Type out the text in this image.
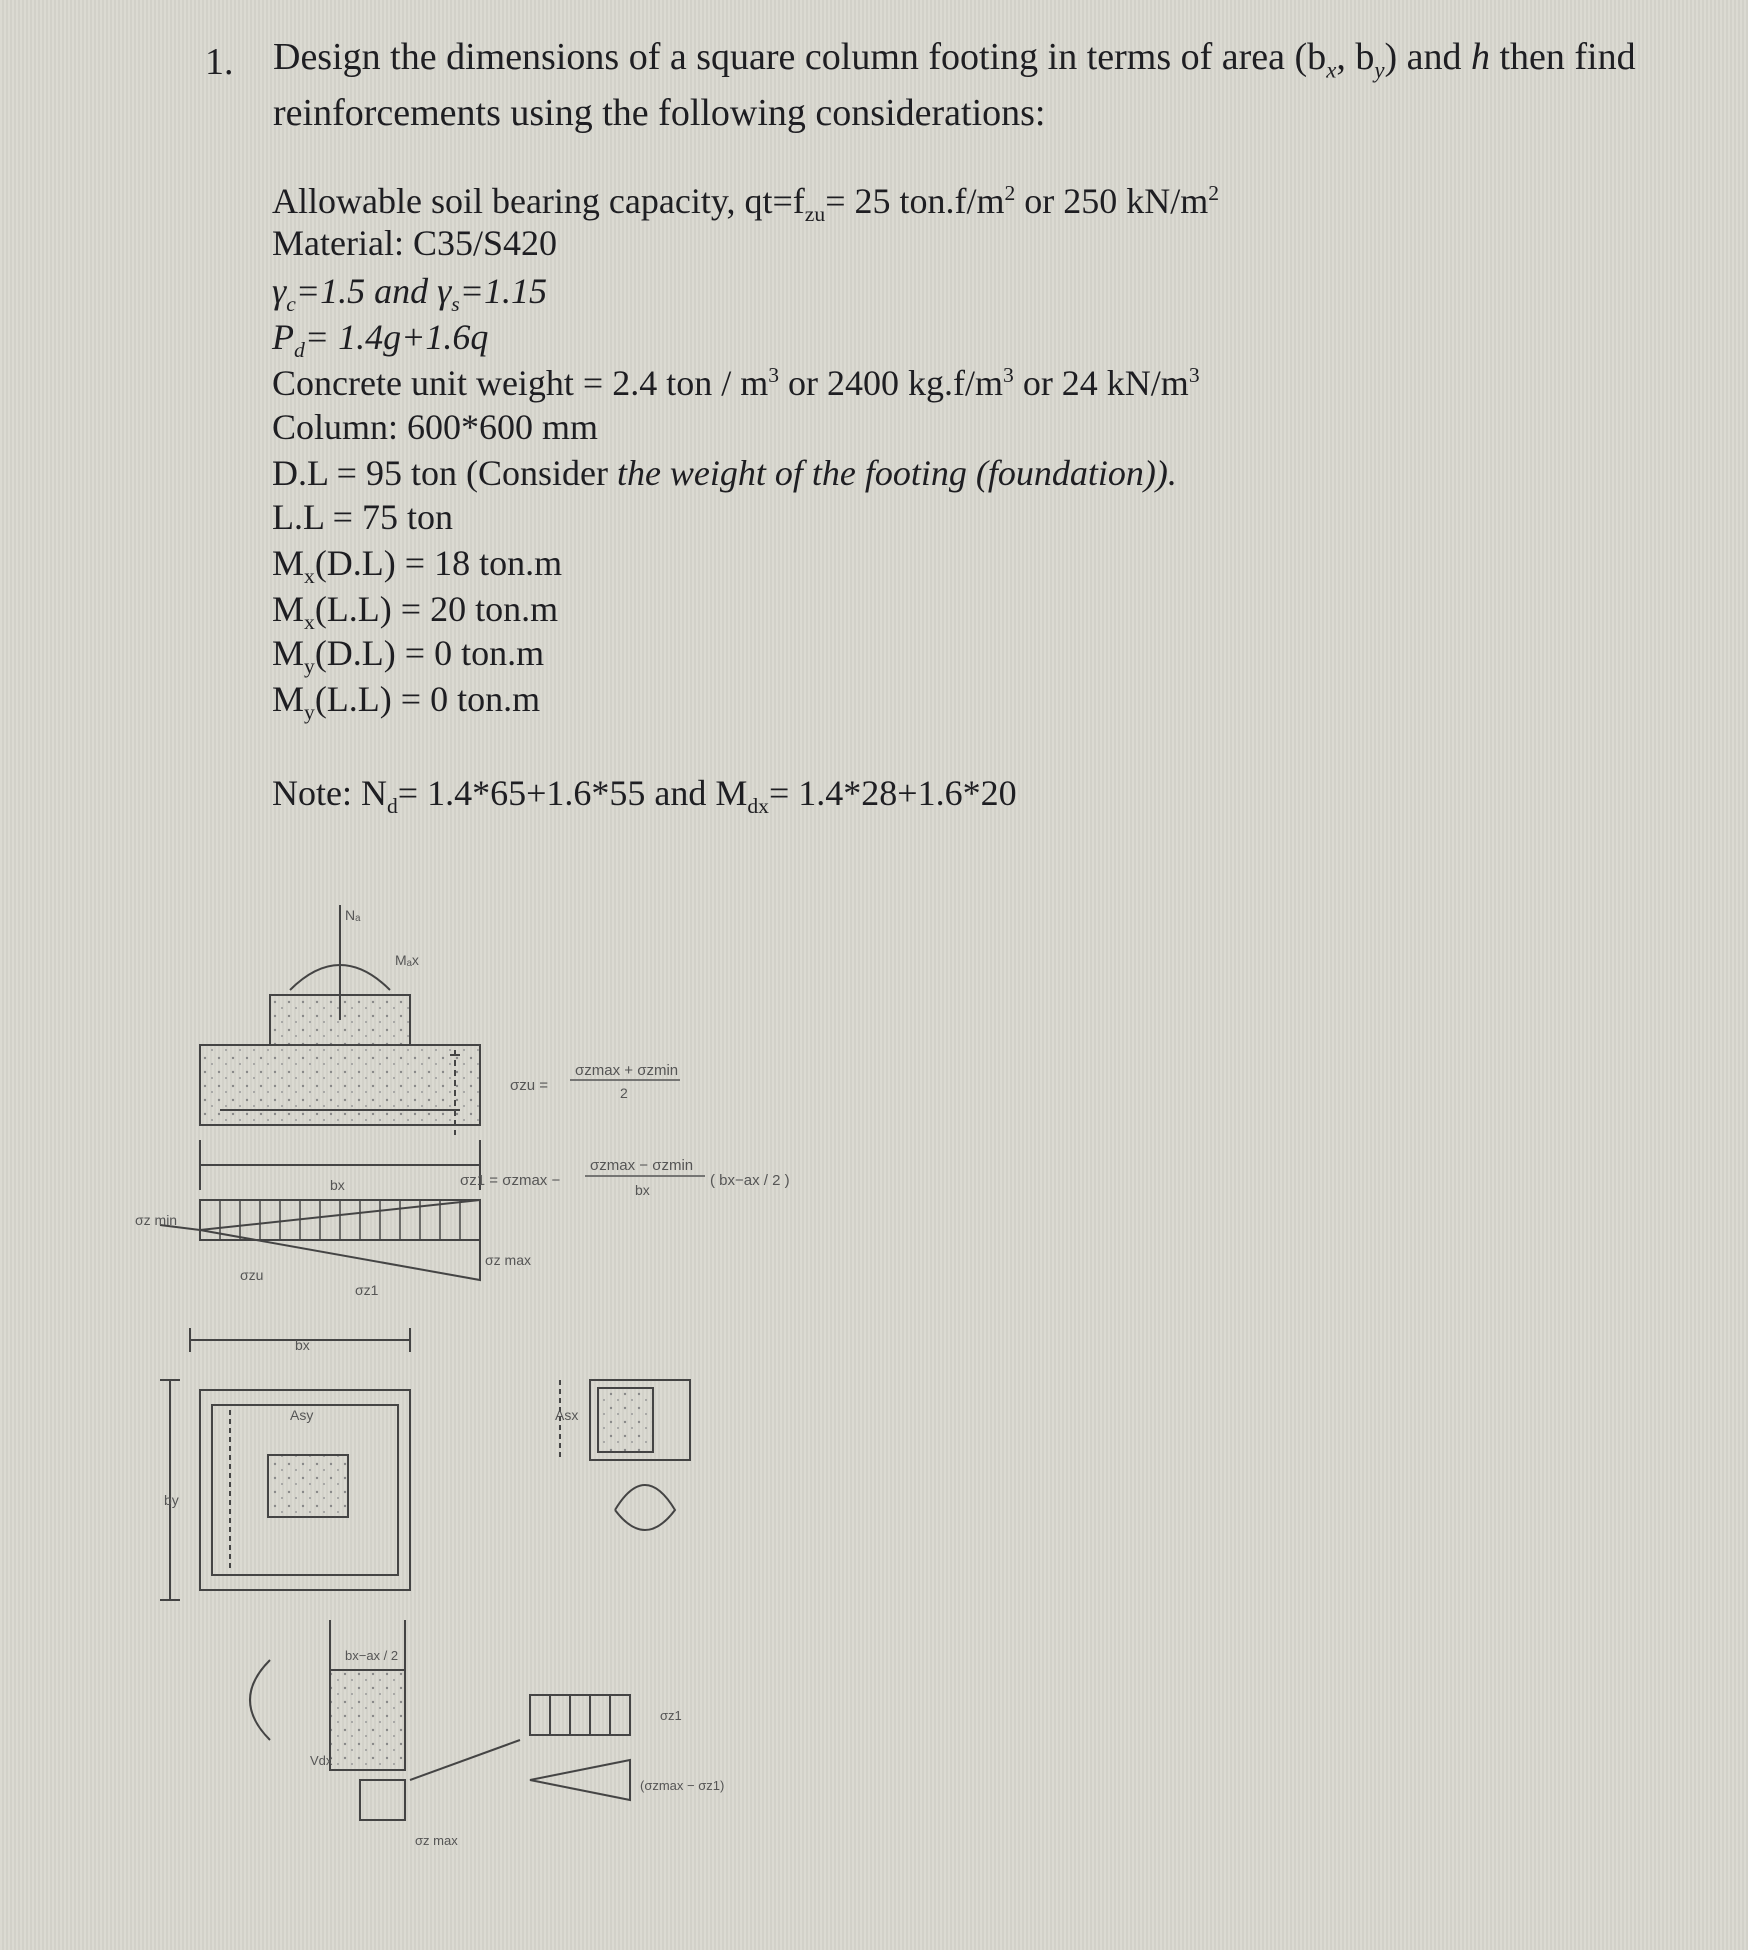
1. Design the dimensions of a square column footing in terms of area ($b_x$, $b_y$) and h then find
reinforcements using the following considerations:
Allowable soil bearing capacity, $qt=f_{zu}= 25$ $ton.f/m^2$ or 250 $kN/m^2$
Material: C35/S420
$\gamma_c=1.5$ and $\gamma_s=1.15$
$P_d= 1.4g+1.6q$
Concrete unit weight = 2.4 ton / $m^3$ or 2400 $kg.f/m^3$ or 24 $kN/m^3$
Column: 600*600 mm
D.L = 95 ton (Consider the weight of the footing (foundation)).
L.L = 75 ton
$M_x(D.L) = 18$ ton.m
$M_x(L.L) = 20$ ton.m
$M_y(D.L) = 0$ ton.m
$M_y(L.L) = 0$ ton.m
Note: $N_d= 1.4*65+1.6*55$ and $M_{dx}= 1.4*28+1.6*20$
Nₐ
Mₐx
bx
σz min
σzu
σz1
σz max
σzu =
σzmax + σzmin
2
σz1 = σzmax −
σzmax − σzmin
bx
( bx−ax / 2 )
bx
by
Asy	Asx
bx−ax / 2
Vdx
σz1
(σzmax − σz1)
σz max
